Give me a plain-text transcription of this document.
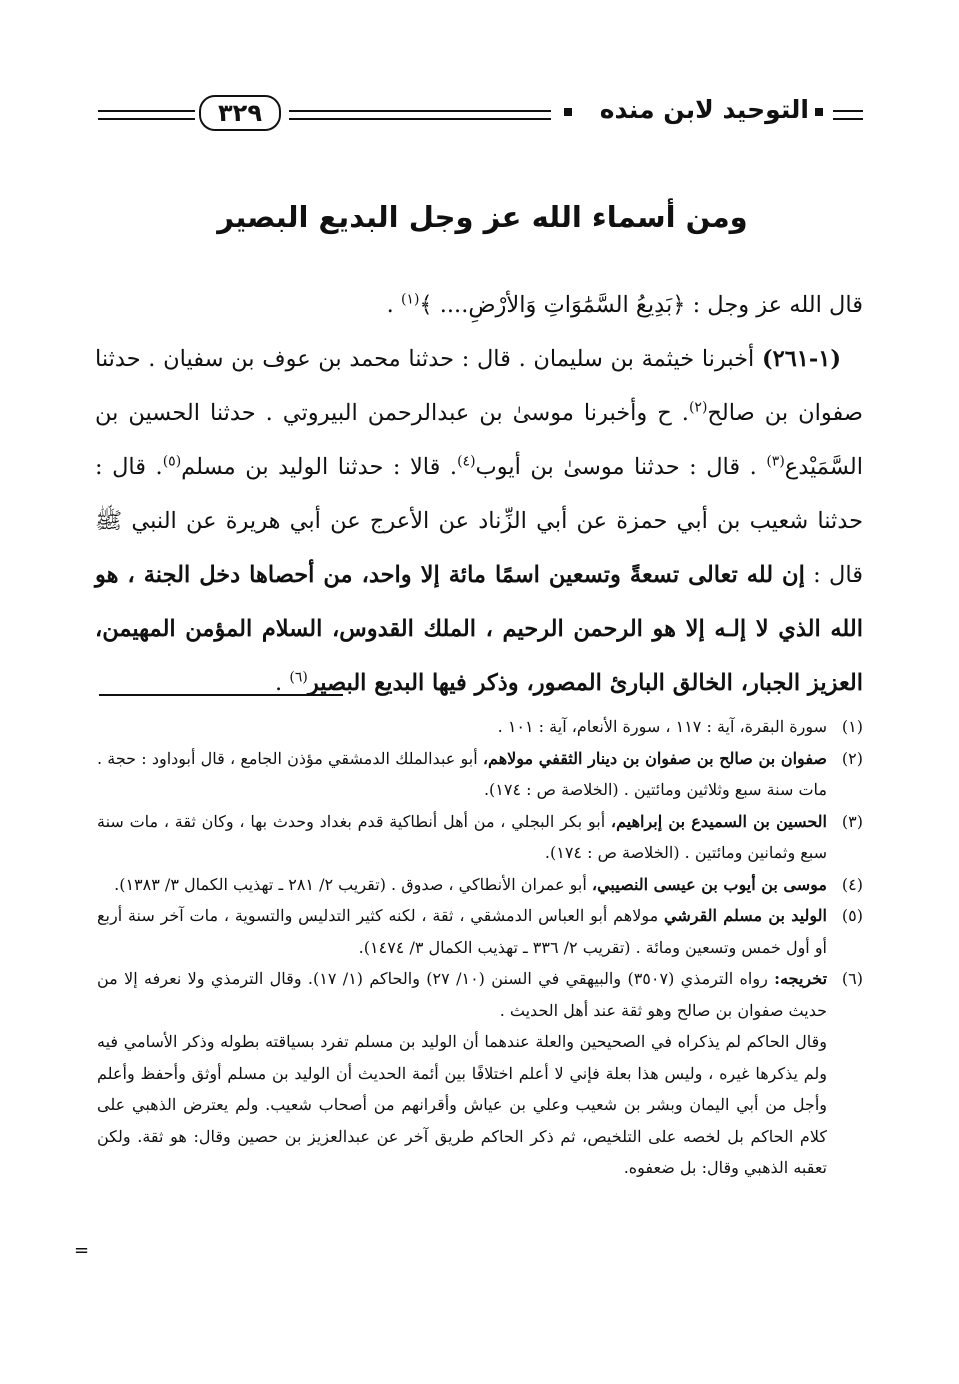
التوحيد لابن منده
٣٢٩
ومن أسماء الله عز وجل البديع البصير

قال الله عز وجل : ﴿بَدِيعُ السَّمَٰوَاتِ وَالأرْضِ.... ﴾$^{(١)}$ .

(١-٢٦١) أخبرنا خيثمة بن سليمان . قال : حدثنا محمد بن عوف بن سفيان . حدثنا صفوان بن صالح$^{(٢)}$. ح وأخبرنا موسىٰ بن عبدالرحمن البيروتي . حدثنا الحسين بن السَّمَيْدع$^{(٣)}$ . قال : حدثنا موسىٰ بن أيوب$^{(٤)}$. قالا : حدثنا الوليد بن مسلم$^{(٥)}$. قال : حدثنا شعيب بن أبي حمزة عن أبي الزِّناد عن الأعرج عن أبي هريرة عن النبي ﷺ قال : إن لله تعالى تسعةً وتسعين اسمًا مائة إلا واحد، من أحصاها دخل الجنة ، هو الله الذي لا إلـه إلا هو الرحمن الرحيم ، الملك القدوس، السلام المؤمن المهيمن، العزيز الجبار، الخالق البارئ المصور، وذكر فيها البديع البصير$^{(٦)}$ .

(١)
سورة البقرة، آية : ١١٧ ، سورة الأنعام، آية : ١٠١ .

(٢)
صفوان بن صالح بن صفوان بن دينار الثقفي مولاهم، أبو عبدالملك الدمشقي مؤذن الجامع ، قال أبوداود : حجة . مات سنة سبع وثلاثين ومائتين . (الخلاصة ص : ١٧٤).

(٣)
الحسين بن السميدع بن إبراهيم، أبو بكر البجلي ، من أهل أنطاكية قدم بغداد وحدث بها ، وكان ثقة ، مات سنة سبع وثمانين ومائتين . (الخلاصة ص : ١٧٤).

(٤)
موسى بن أيوب بن عيسى النصيبي، أبو عمران الأنطاكي ، صدوق . (تقريب ٢/ ٢٨١ ـ تهذيب الكمال ٣/ ١٣٨٣).

(٥)
الوليد بن مسلم القرشي مولاهم أبو العباس الدمشقي ، ثقة ، لكنه كثير التدليس والتسوية ، مات آخر سنة أربع أو أول خمس وتسعين ومائة . (تقريب ٢/ ٣٣٦ ـ تهذيب الكمال ٣/ ١٤٧٤).

(٦)
تخريجه: رواه الترمذي (٣٥٠٧) والبيهقي في السنن (١٠/ ٢٧) والحاكم (١/ ١٧). وقال الترمذي ولا نعرفه إلا من حديث صفوان بن صالح وهو ثقة عند أهل الحديث .

وقال الحاكم لم يذكراه في الصحيحين والعلة عندهما أن الوليد بن مسلم تفرد بسياقته بطوله وذكر الأسامي فيه ولم يذكرها غيره ، وليس هذا بعلة فإني لا أعلم اختلافًا بين أئمة الحديث أن الوليد بن مسلم أوثق وأحفظ وأعلم وأجل من أبي اليمان وبشر بن شعيب وعلي بن عياش وأقرانهم من أصحاب شعيب. ولم يعترض الذهبي على كلام الحاكم بل لخصه على التلخيص، ثم ذكر الحاكم طريق آخر عن عبدالعزيز بن حصين وقال: هو ثقة. ولكن تعقبه الذهبي وقال: بل ضعفوه.

=
